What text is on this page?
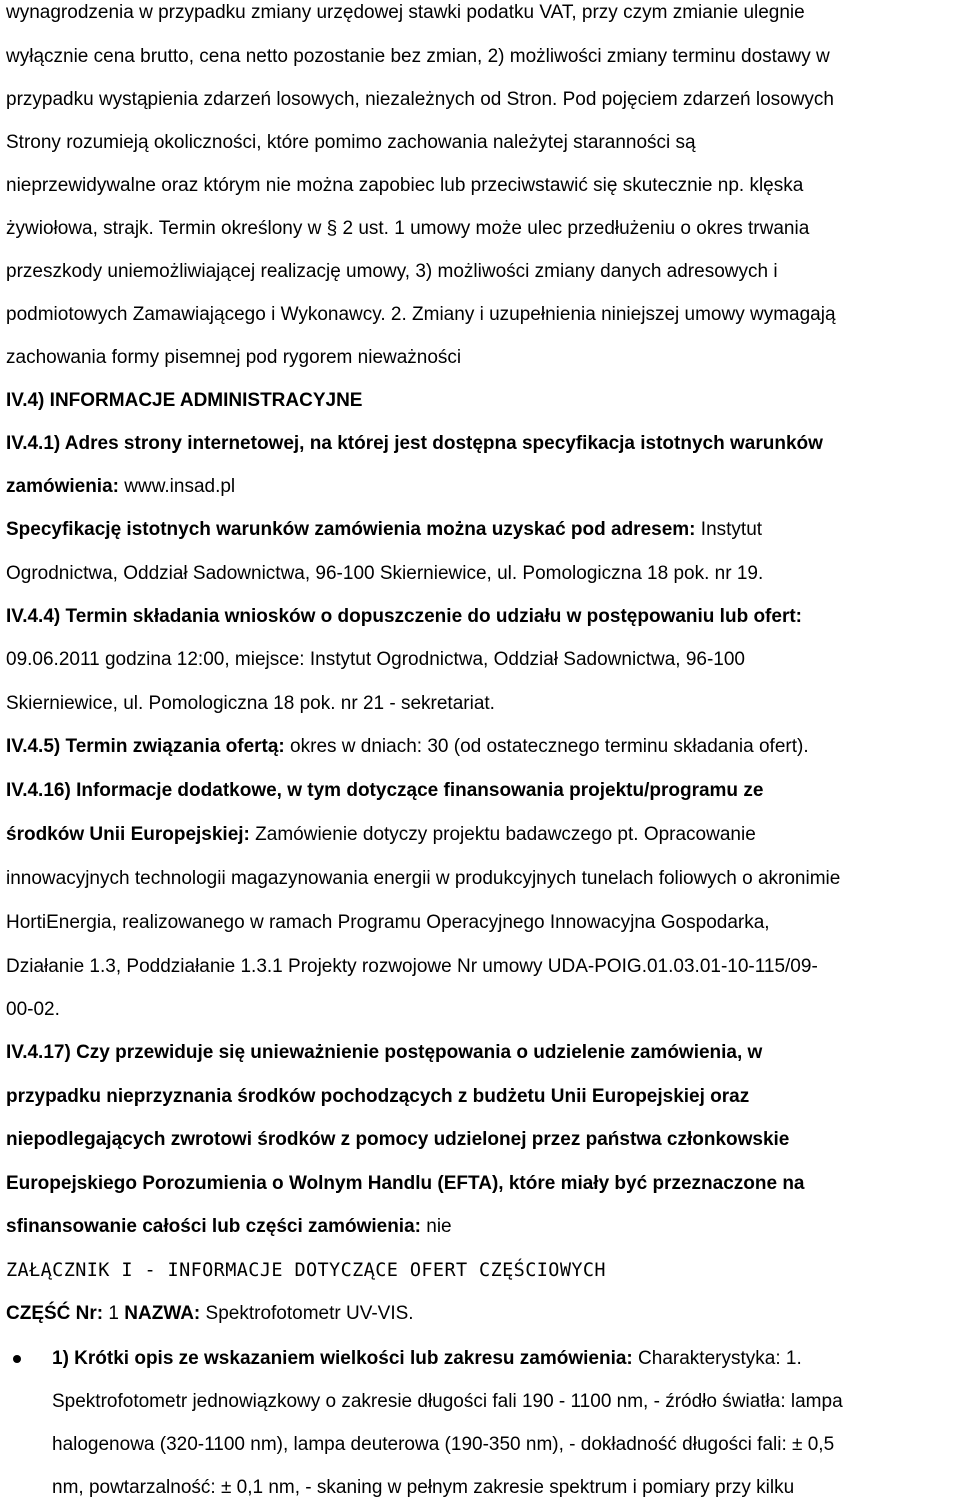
wynagrodzenia w przypadku zmiany urzędowej stawki podatku VAT, przy czym zmianie ulegnie
wyłącznie cena brutto, cena netto pozostanie bez zmian, 2) możliwości zmiany terminu dostawy w
przypadku wystąpienia zdarzeń losowych, niezależnych od Stron. Pod pojęciem zdarzeń losowych
Strony rozumieją okoliczności, które pomimo zachowania należytej staranności są
nieprzewidywalne oraz którym nie można zapobiec lub przeciwstawić się skutecznie np. klęska
żywiołowa, strajk. Termin określony w § 2 ust. 1 umowy może ulec przedłużeniu o okres trwania
przeszkody uniemożliwiającej realizację umowy, 3) możliwości zmiany danych adresowych i
podmiotowych Zamawiającego i Wykonawcy. 2. Zmiany i uzupełnienia niniejszej umowy wymagają
zachowania formy pisemnej pod rygorem nieważności
IV.4) INFORMACJE ADMINISTRACYJNE
IV.4.1) Adres strony internetowej, na której jest dostępna specyfikacja istotnych warunków
zamówienia: www.insad.pl
Specyfikację istotnych warunków zamówienia można uzyskać pod adresem: Instytut
Ogrodnictwa, Oddział Sadownictwa, 96-100 Skierniewice, ul. Pomologiczna 18 pok. nr 19.
IV.4.4) Termin składania wniosków o dopuszczenie do udziału w postępowaniu lub ofert:
09.06.2011 godzina 12:00, miejsce: Instytut Ogrodnictwa, Oddział Sadownictwa, 96-100
Skierniewice, ul. Pomologiczna 18 pok. nr 21 - sekretariat.
IV.4.5) Termin związania ofertą: okres w dniach: 30 (od ostatecznego terminu składania ofert).
IV.4.16) Informacje dodatkowe, w tym dotyczące finansowania projektu/programu ze
środków Unii Europejskiej: Zamówienie dotyczy projektu badawczego pt. Opracowanie
innowacyjnych technologii magazynowania energii w produkcyjnych tunelach foliowych o akronimie
HortiEnergia, realizowanego w ramach Programu Operacyjnego Innowacyjna Gospodarka,
Działanie 1.3, Poddziałanie 1.3.1 Projekty rozwojowe Nr umowy UDA-POIG.01.03.01-10-115/09-
00-02.
IV.4.17) Czy przewiduje się unieważnienie postępowania o udzielenie zamówienia, w
przypadku nieprzyznania środków pochodzących z budżetu Unii Europejskiej oraz
niepodlegających zwrotowi środków z pomocy udzielonej przez państwa członkowskie
Europejskiego Porozumienia o Wolnym Handlu (EFTA), które miały być przeznaczone na
sfinansowanie całości lub części zamówienia: nie
ZAŁĄCZNIK I - INFORMACJE DOTYCZĄCE OFERT CZĘŚCIOWYCH
CZĘŚĆ Nr: 1 NAZWA: Spektrofotometr UV-VIS.
1) Krótki opis ze wskazaniem wielkości lub zakresu zamówienia: Charakterystyka: 1.
Spektrofotometr jednowiązkowy o zakresie długości fali 190 - 1100 nm, - źródło światła: lampa
halogenowa (320-1100 nm), lampa deuterowa (190-350 nm), - dokładność długości fali: ± 0,5
nm, powtarzalność: ± 0,1 nm, - skaning w pełnym zakresie spektrum i pomiary przy kilku
